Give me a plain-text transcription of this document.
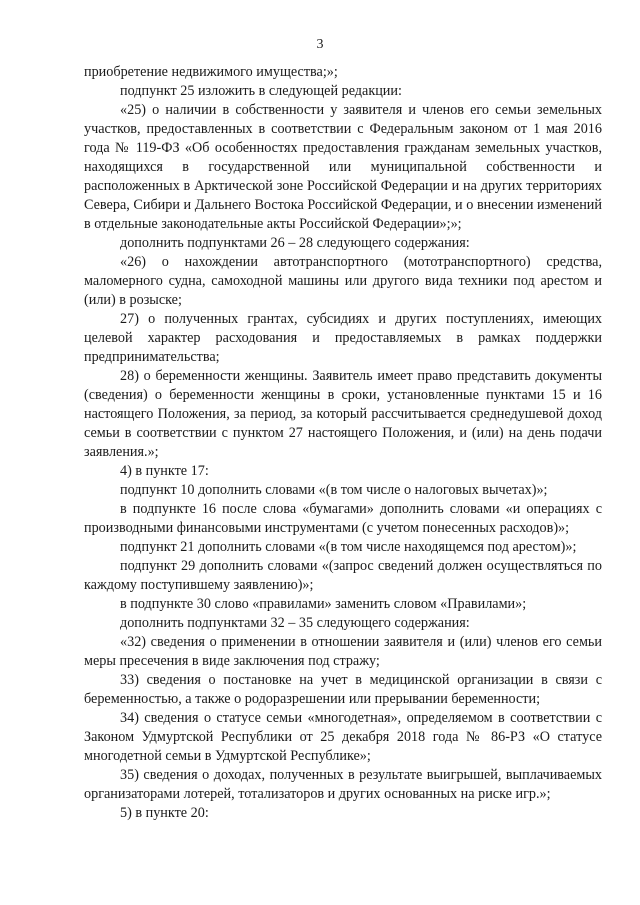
3

приобретение недвижимого имущества;»;

подпункт 25 изложить в следующей редакции:

«25) о наличии в собственности у заявителя и членов его семьи земельных участков, предоставленных в соответствии с Федеральным законом от 1 мая 2016 года № 119-ФЗ «Об особенностях предоставления гражданам земельных участков, находящихся в государственной или муниципальной собственности и расположенных в Арктической зоне Российской Федерации и на других территориях Севера, Сибири и Дальнего Востока Российской Федерации, и о внесении изменений в отдельные законодательные акты Российской Федерации»;»;

дополнить подпунктами 26 – 28 следующего содержания:

«26) о нахождении автотранспортного (мототранспортного) средства, маломерного судна, самоходной машины или другого вида техники под арестом и (или) в розыске;

27) о полученных грантах, субсидиях и других поступлениях, имеющих целевой характер расходования и предоставляемых в рамках поддержки предпринимательства;

28) о беременности женщины. Заявитель имеет право представить документы (сведения) о беременности женщины в сроки, установленные пунктами 15 и 16 настоящего Положения, за период, за который рассчитывается среднедушевой доход семьи в соответствии с пунктом 27 настоящего Положения, и (или) на день подачи заявления.»;

4) в пункте 17:

подпункт 10 дополнить словами «(в том числе о налоговых вычетах)»;

в подпункте 16 после слова «бумагами» дополнить словами «и операциях с производными финансовыми инструментами (с учетом понесенных расходов)»;

подпункт 21 дополнить словами «(в том числе находящемся под арестом)»;

подпункт 29 дополнить словами «(запрос сведений должен осуществляться по каждому поступившему заявлению)»;

в подпункте 30 слово «правилами» заменить словом «Правилами»;

дополнить подпунктами 32 – 35 следующего содержания:

«32) сведения о применении в отношении заявителя и (или) членов его семьи меры пресечения в виде заключения под стражу;

33) сведения о постановке на учет в медицинской организации в связи с беременностью, а также о родоразрешении или прерывании беременности;

34) сведения о статусе семьи «многодетная», определяемом в соответствии с Законом Удмуртской Республики от 25 декабря 2018 года № 86-РЗ «О статусе многодетной семьи в Удмуртской Республике»;

35) сведения о доходах, полученных в результате выигрышей, выплачиваемых организаторами лотерей, тотализаторов и других основанных на риске игр.»;

5) в пункте 20:
